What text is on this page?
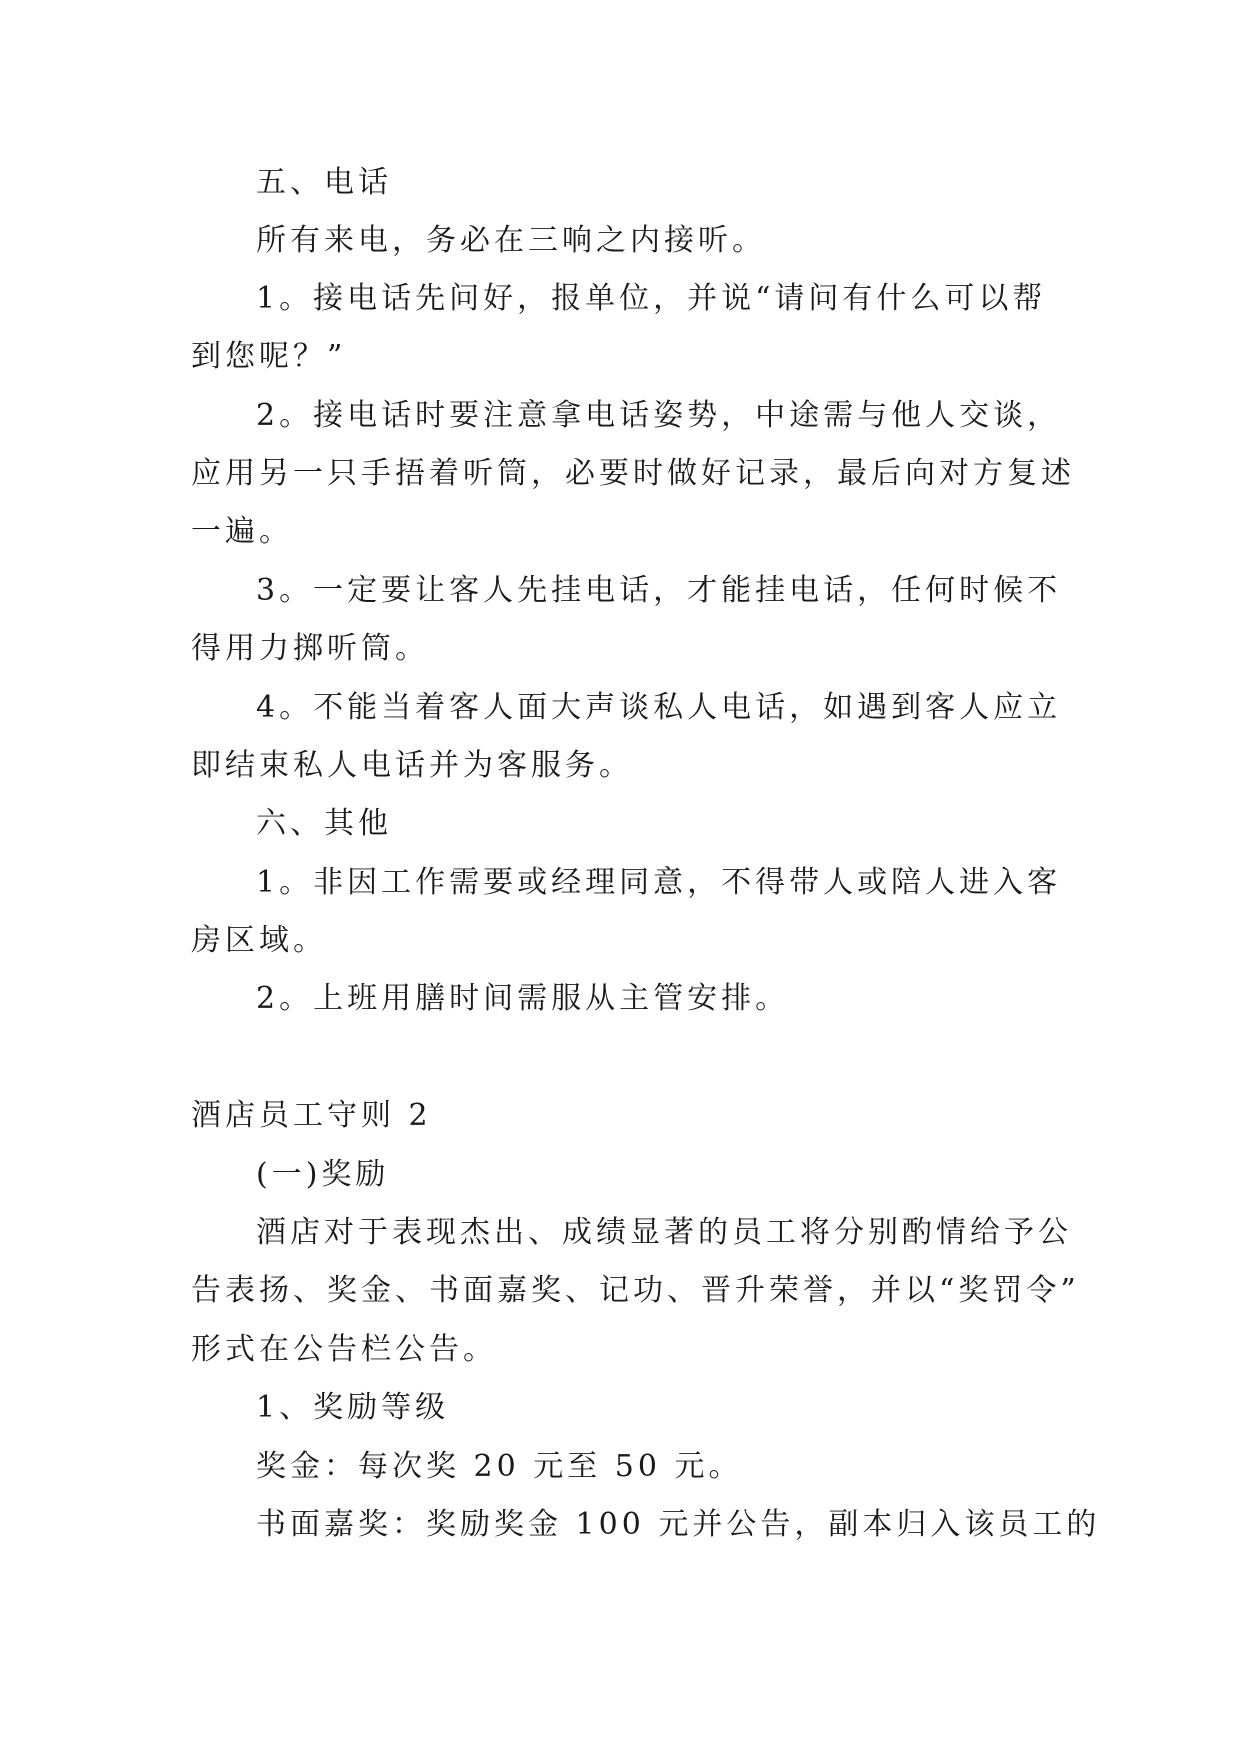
五、电话

所有来电，务必在三响之内接听。

1。接电话先问好，报单位，并说“请问有什么可以帮

到您呢？”

2。接电话时要注意拿电话姿势，中途需与他人交谈，

应用另一只手捂着听筒，必要时做好记录，最后向对方复述

一遍。

3。一定要让客人先挂电话，才能挂电话，任何时候不

得用力掷听筒。

4。不能当着客人面大声谈私人电话，如遇到客人应立

即结束私人电话并为客服务。

六、其他

1。非因工作需要或经理同意，不得带人或陪人进入客

房区域。

2。上班用膳时间需服从主管安排。

酒店员工守则 2

(一)奖励

酒店对于表现杰出、成绩显著的员工将分别酌情给予公

告表扬、奖金、书面嘉奖、记功、晋升荣誉，并以“奖罚令”

形式在公告栏公告。

1、奖励等级

奖金：每次奖 20 元至 50 元。

书面嘉奖：奖励奖金 100 元并公告，副本归入该员工的
